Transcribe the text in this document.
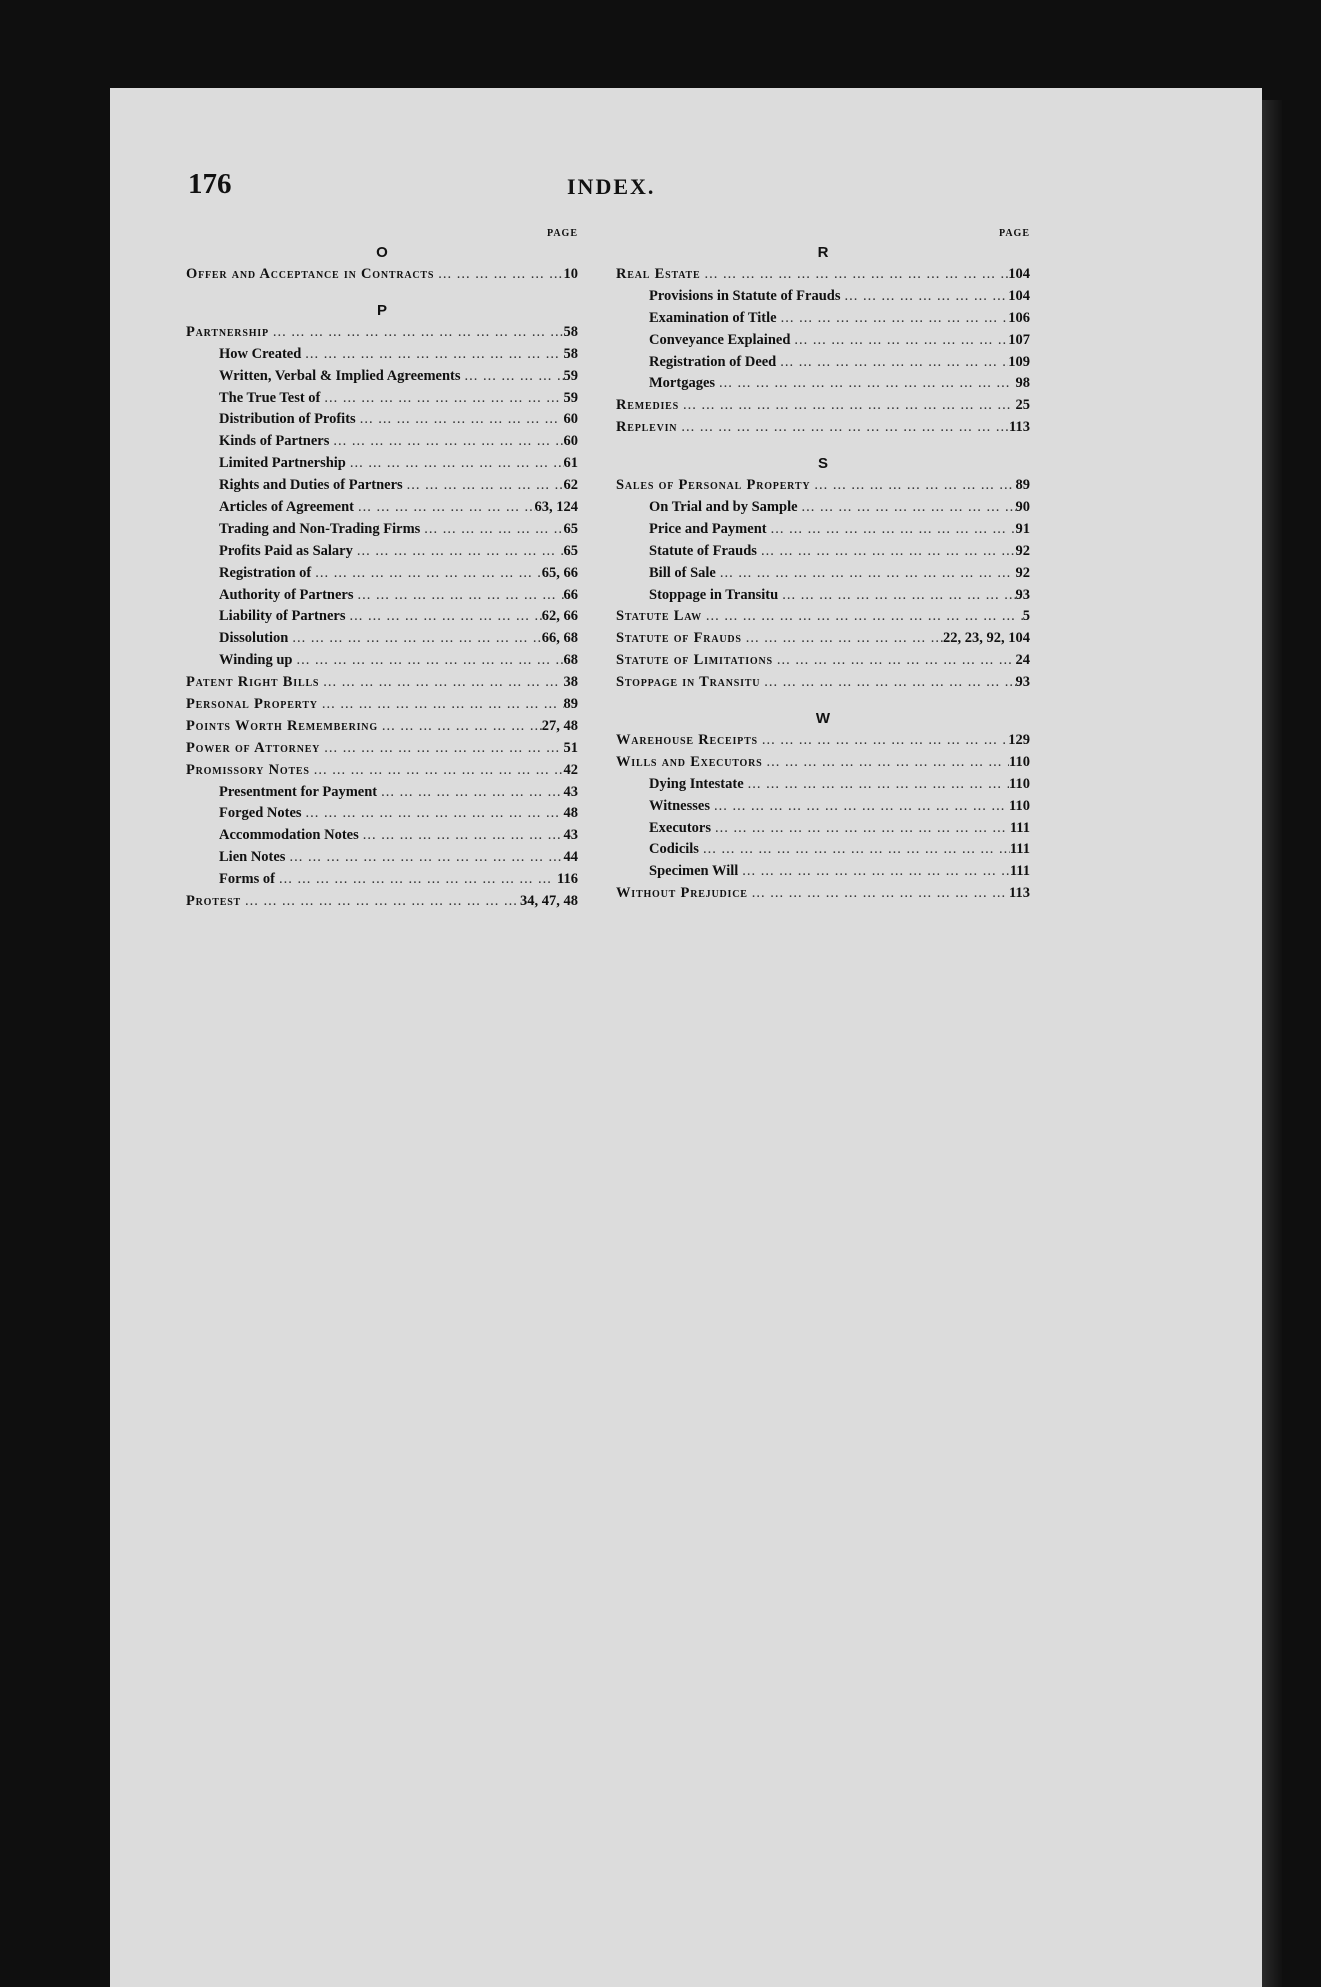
176	INDEX.
PAGE
O
Offer and Acceptance in Contracts ... .	10
P
Partnership ... .	58
How Created ... .	58
Written, Verbal & Implied Agreements ... .	59
The True Test of ... .	59
Distribution of Profits ... .	60
Kinds of Partners ... .	60
Limited Partnership ... .	61
Rights and Duties of Partners ... .	62
Articles of Agreement ... .	63, 124
Trading and Non-Trading Firms ... .	65
Profits Paid as Salary ... .	65
Registration of ... .	65, 66
Authority of Partners ... .	66
Liability of Partners ... .	62, 66
Dissolution ... .	66, 68
Winding up ... .	68
Patent Right Bills ... .	38
Personal Property ... .	89
Points Worth Remembering ... .	27, 48
Power of Attorney ... .	51
Promissory Notes ... .	42
Presentment for Payment ... .	43
Forged Notes ... .	48
Accommodation Notes ... .	43
Lien Notes ... .	44
Forms of ... .	116
Protest ... .	34, 47, 48
PAGE
R
Real Estate ... .	104
Provisions in Statute of Frauds ... .	104
Examination of Title ... .	106
Conveyance Explained ... .	107
Registration of Deed ... .	109
Mortgages ... .	98
Remedies ... .	25
Replevin ... .	113
S
Sales of Personal Property ... .	89
On Trial and by Sample ... .	90
Price and Payment ... .	91
Statute of Frauds ... .	92
Bill of Sale ... .	92
Stoppage in Transitu ... .	93
Statute Law ... .	5
Statute of Frauds ... .	22, 23, 92, 104
Statute of Limitations ... .	24
Stoppage in Transitu ... .	93
W
Warehouse Receipts ... .	129
Wills and Executors ... .	110
Dying Intestate ... .	110
Witnesses ... .	110
Executors ... .	111
Codicils ... .	111
Specimen Will ... .	111
Without Prejudice ... .	113
